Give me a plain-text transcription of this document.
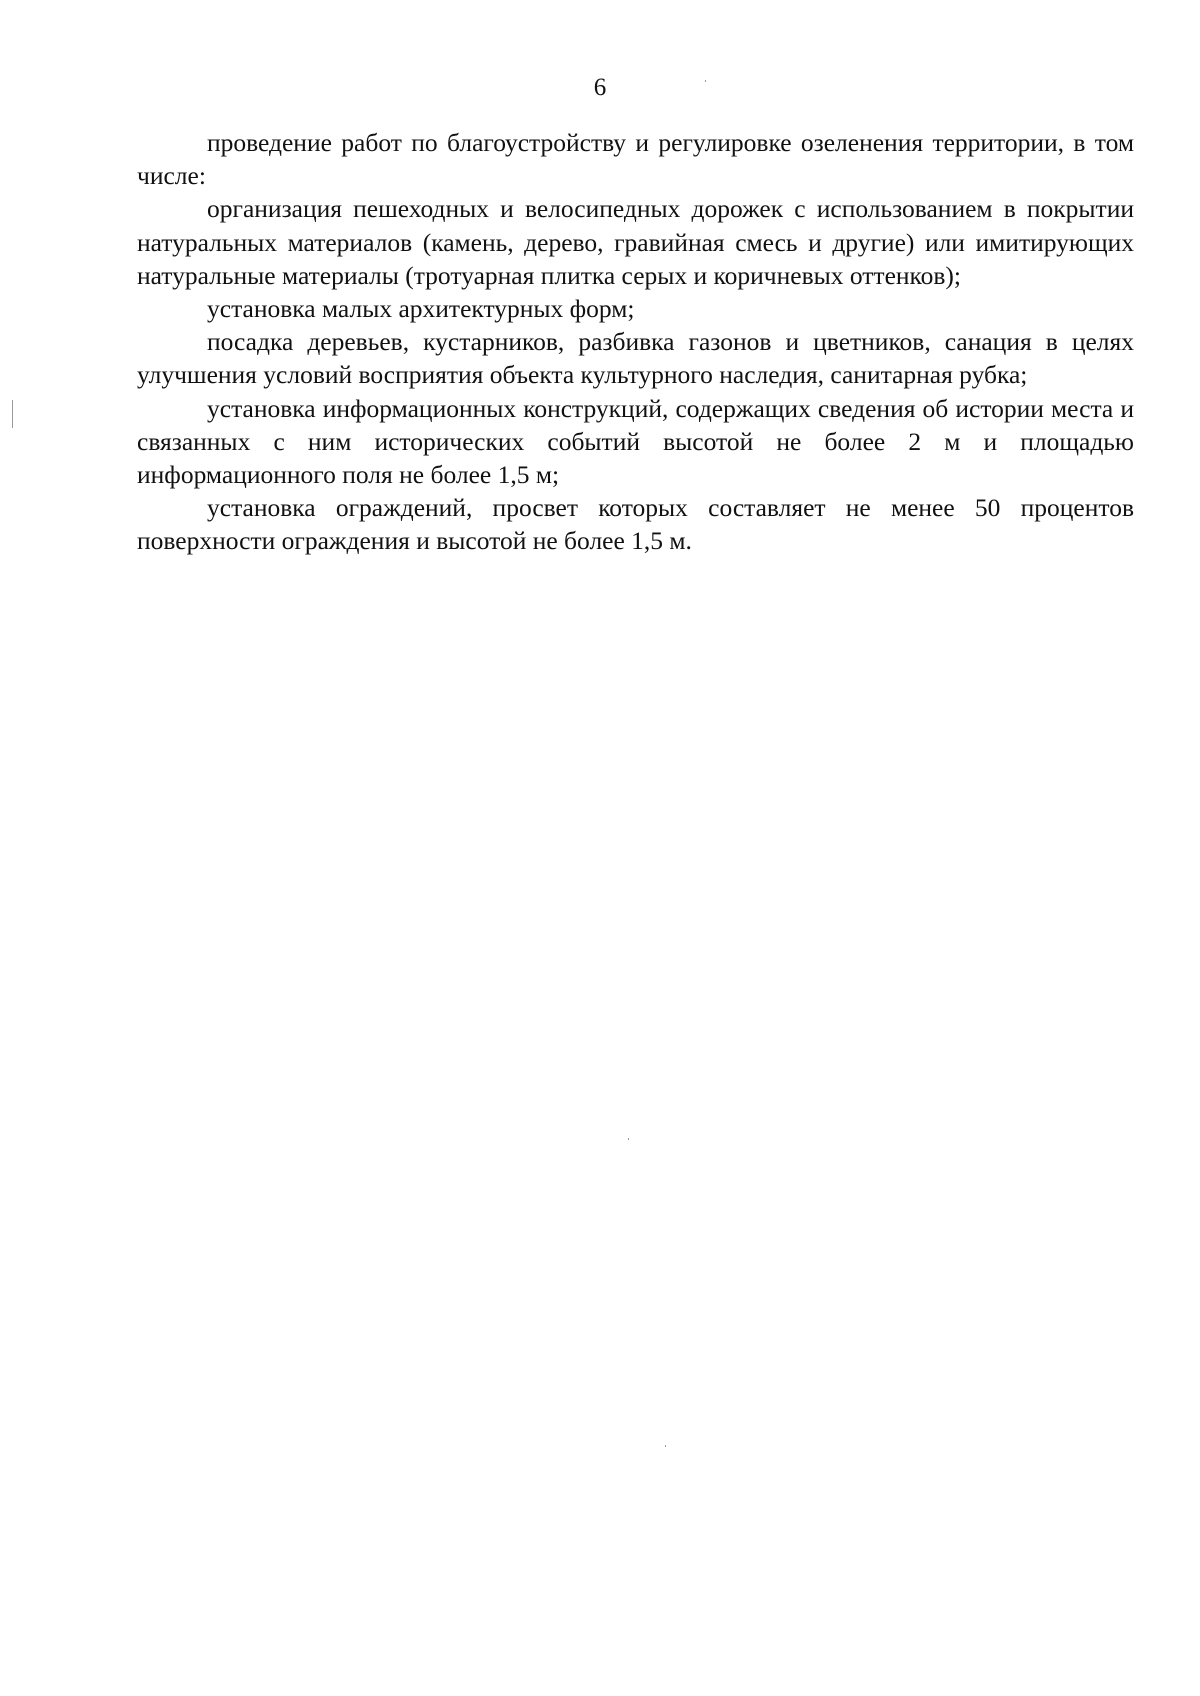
6

проведение работ по благоустройству и регулировке озеленения территории, в том числе:

организация пешеходных и велосипедных дорожек с использованием в покрытии натуральных материалов (камень, дерево, гравийная смесь и другие) или имитирующих натуральные материалы (тротуарная плитка серых и коричневых оттенков);

установка малых архитектурных форм;

посадка деревьев, кустарников, разбивка газонов и цветников, санация в целях улучшения условий восприятия объекта культурного наследия, санитарная рубка;

установка информационных конструкций, содержащих сведения об истории места и связанных с ним исторических событий высотой не более 2 м и площадью информационного поля не более 1,5 м;

установка ограждений, просвет которых составляет не менее 50 процентов поверхности ограждения и высотой не более 1,5 м.
